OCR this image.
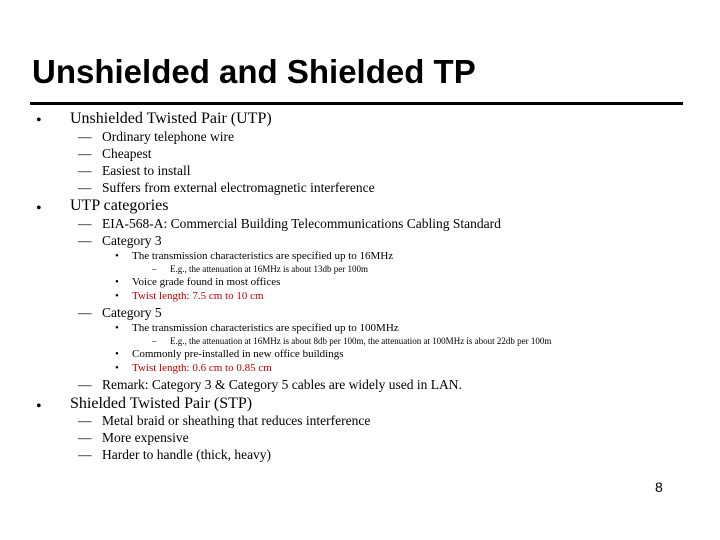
Unshielded and Shielded TP
• Unshielded Twisted Pair (UTP)
— Ordinary telephone wire
— Cheapest
— Easiest to install
— Suffers from external electromagnetic interference
• UTP categories
— EIA-568-A: Commercial Building Telecommunications Cabling Standard
— Category 3
• The transmission characteristics are specified up to 16MHz
– E.g., the attenuation at 16MHz is about 13db per 100m
• Voice grade found in most offices
• Twist length: 7.5 cm to 10 cm
— Category 5
• The transmission characteristics are specified up to 100MHz
– E.g., the attenuation at 16MHz is about 8db per 100m, the attenuation at 100MHz is about 22db per 100m
• Commonly pre-installed in new office buildings
• Twist length: 0.6 cm to 0.85 cm
— Remark: Category 3 & Category 5 cables are widely used in LAN.
• Shielded Twisted Pair (STP)
— Metal braid or sheathing that reduces interference
— More expensive
— Harder to handle (thick, heavy)
8
